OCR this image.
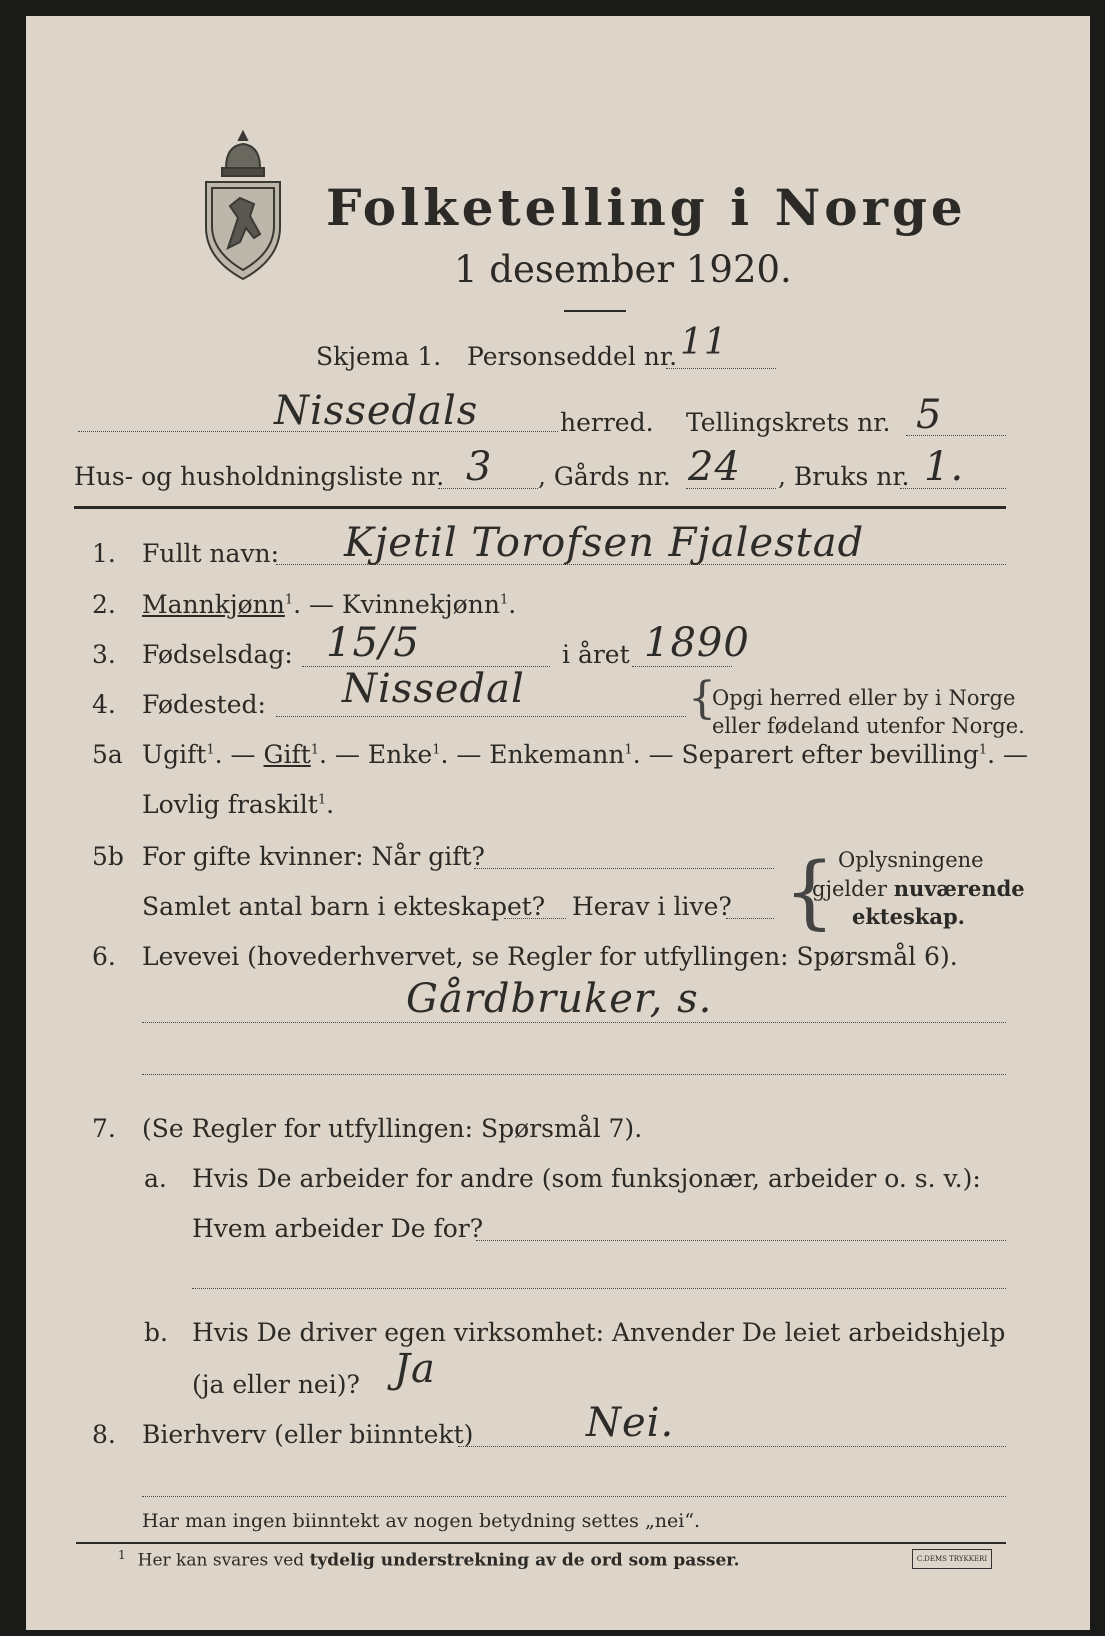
Folketelling i Norge
1 desember 1920.
Skjema 1. Personseddel nr. 11
Nissedals	herred. Tellingskrets nr. 5
Hus- og husholdningsliste nr. 3 , Gårds nr. 24 , Bruks nr. 1.
1. Fullt navn: Kjetil Torofsen Fjalestad
2. Mannkjønn$^1$. — Kvinnekjønn$^1$.
3. Fødselsdag: 15/5	i året 1890
4. Fødested: Nissedal	{
Opgi herred eller by i Norge
eller fødeland utenfor Norge.
5a Ugift$^1$. — Gift$^1$. — Enke$^1$. — Enkemann$^1$. — Separert efter bevilling$^1$. —
Lovlig fraskilt$^1$.
5b For gifte kvinner: Når gift?
Samlet antal barn i ekteskapet? Herav i live? { Oplysningene
gjelder nuværende
ekteskap.
6. Levevei (hovederhvervet, se Regler for utfyllingen: Spørsmål 6).
Gårdbruker, s.
7. (Se Regler for utfyllingen: Spørsmål 7).
a. Hvis De arbeider for andre (som funksjonær, arbeider o. s. v.):
Hvem arbeider De for?
b. Hvis De driver egen virksomhet: Anvender De leiet arbeidshjelp
(ja eller nei)? Ja
8. Bierhverv (eller biinntekt)	Nei.
Har man ingen biinntekt av nogen betydning settes „nei“.
$^1$ Her kan svares ved tydelig understrekning av de ord som passer.	C.DEMS TRYKKERI
